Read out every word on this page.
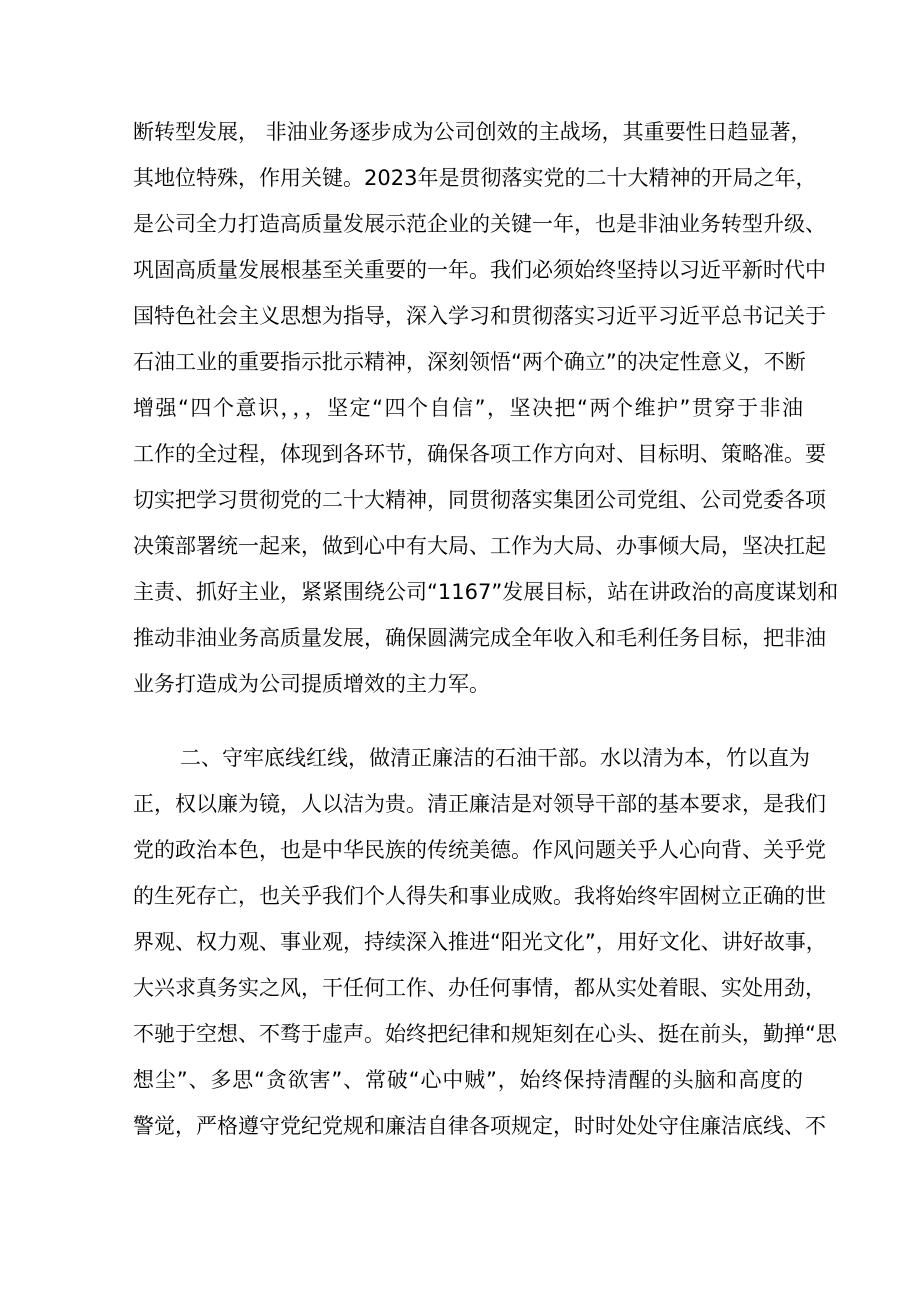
断转型发展， 非油业务逐步成为公司创效的主战场，其重要性日趋显著，
其地位特殊，作用关键。2023年是贯彻落实党的二十大精神的开局之年，
是公司全力打造高质量发展示范企业的关键一年，也是非油业务转型升级、
巩固高质量发展根基至关重要的一年。我们必须始终坚持以习近平新时代中
国特色社会主义思想为指导，深入学习和贯彻落实习近平习近平总书记关于
石油工业的重要指示批示精神，深刻领悟“两个确立”的决定性意义，不断
增强“四个意识，，，坚定“四个自信”，坚决把“两个维护”贯穿于非油
工作的全过程，体现到各环节，确保各项工作方向对、目标明、策略准。要
切实把学习贯彻党的二十大精神，同贯彻落实集团公司党组、公司党委各项
决策部署统一起来，做到心中有大局、工作为大局、办事倾大局，坚决扛起
主责、抓好主业，紧紧围绕公司“1167”发展目标，站在讲政治的高度谋划和
推动非油业务高质量发展，确保圆满完成全年收入和毛利任务目标，把非油
业务打造成为公司提质增效的主力军。
二、守牢底线红线，做清正廉洁的石油干部。水以清为本，竹以直为
正，权以廉为镜，人以洁为贵。清正廉洁是对领导干部的基本要求，是我们
党的政治本色，也是中华民族的传统美德。作风问题关乎人心向背、关乎党
的生死存亡，也关乎我们个人得失和事业成败。我将始终牢固树立正确的世
界观、权力观、事业观，持续深入推进“阳光文化”，用好文化、讲好故事，
大兴求真务实之风，干任何工作、办任何事情，都从实处着眼、实处用劲，
不驰于空想、不骛于虚声。始终把纪律和规矩刻在心头、挺在前头，勤掸“思
想尘”、多思“贪欲害”、常破“心中贼”，始终保持清醒的头脑和高度的
警觉，严格遵守党纪党规和廉洁自律各项规定，时时处处守住廉洁底线、不
